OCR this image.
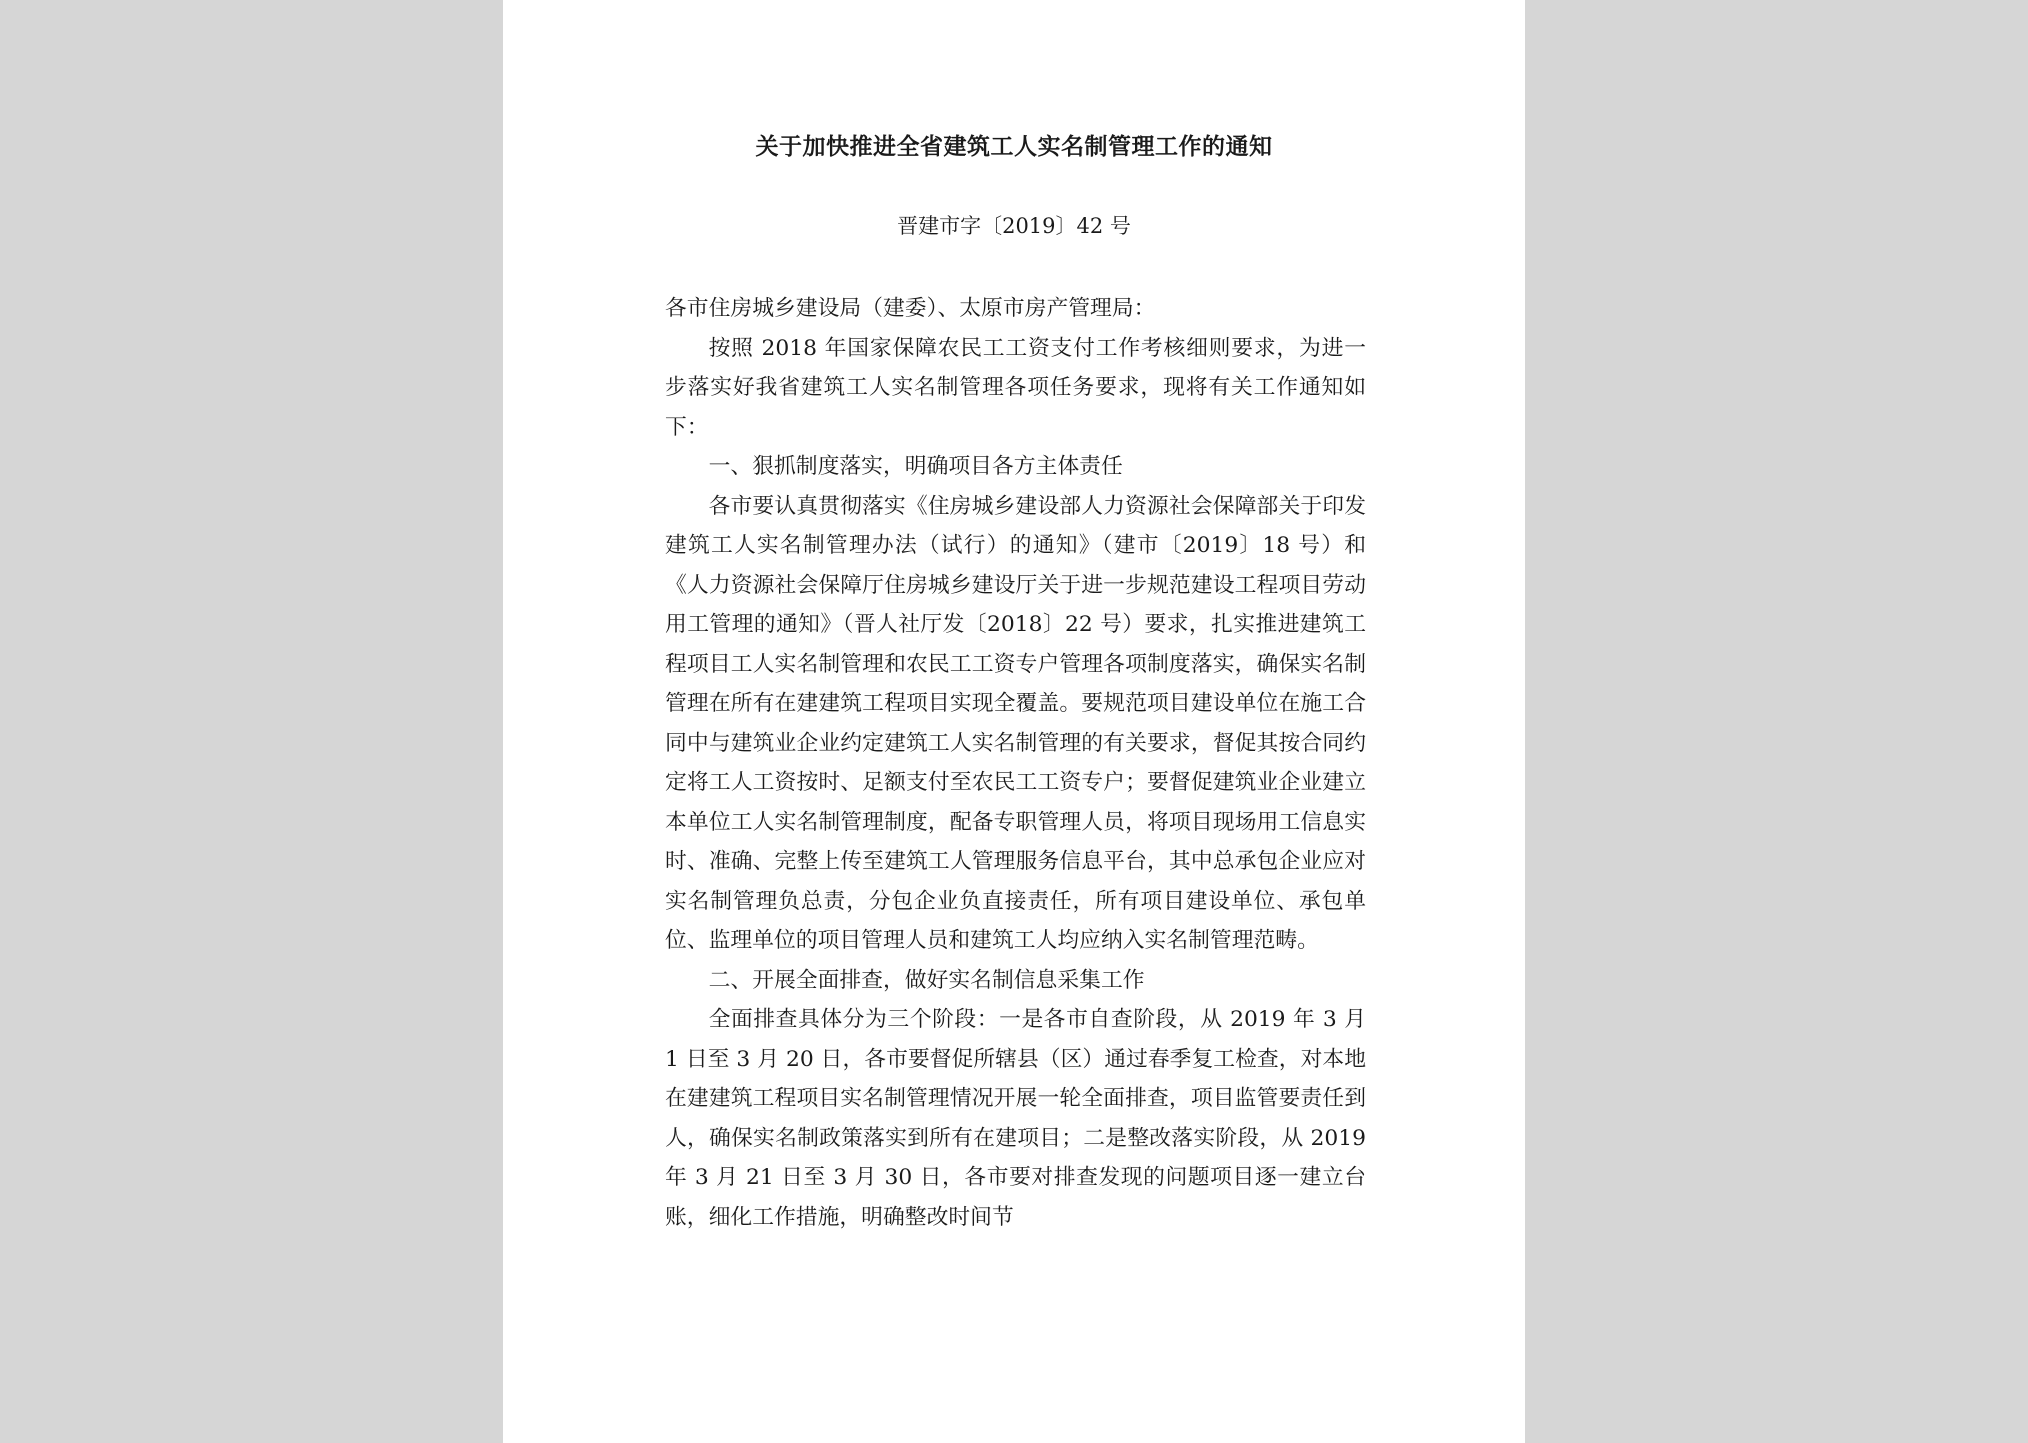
关于加快推进全省建筑工人实名制管理工作的通知
晋建市字〔2019〕42 号

各市住房城乡建设局（建委）、太原市房产管理局：

按照 2018 年国家保障农民工工资支付工作考核细则要求，为进一步落实好我省建筑工人实名制管理各项任务要求，现将有关工作通知如下：

一、狠抓制度落实，明确项目各方主体责任

各市要认真贯彻落实《住房城乡建设部人力资源社会保障部关于印发建筑工人实名制管理办法（试行）的通知》（建市〔2019〕18 号）和《人力资源社会保障厅住房城乡建设厅关于进一步规范建设工程项目劳动用工管理的通知》（晋人社厅发〔2018〕22 号）要求，扎实推进建筑工程项目工人实名制管理和农民工工资专户管理各项制度落实，确保实名制管理在所有在建建筑工程项目实现全覆盖。要规范项目建设单位在施工合同中与建筑业企业约定建筑工人实名制管理的有关要求，督促其按合同约定将工人工资按时、足额支付至农民工工资专户；要督促建筑业企业建立本单位工人实名制管理制度，配备专职管理人员，将项目现场用工信息实时、准确、完整上传至建筑工人管理服务信息平台，其中总承包企业应对实名制管理负总责，分包企业负直接责任，所有项目建设单位、承包单位、监理单位的项目管理人员和建筑工人均应纳入实名制管理范畴。

二、开展全面排查，做好实名制信息采集工作

全面排查具体分为三个阶段：一是各市自查阶段，从 2019 年 3 月 1 日至 3 月 20 日，各市要督促所辖县（区）通过春季复工检查，对本地在建建筑工程项目实名制管理情况开展一轮全面排查，项目监管要责任到人，确保实名制政策落实到所有在建项目；二是整改落实阶段，从 2019 年 3 月 21 日至 3 月 30 日，各市要对排查发现的问题项目逐一建立台账，细化工作措施，明确整改时间节
